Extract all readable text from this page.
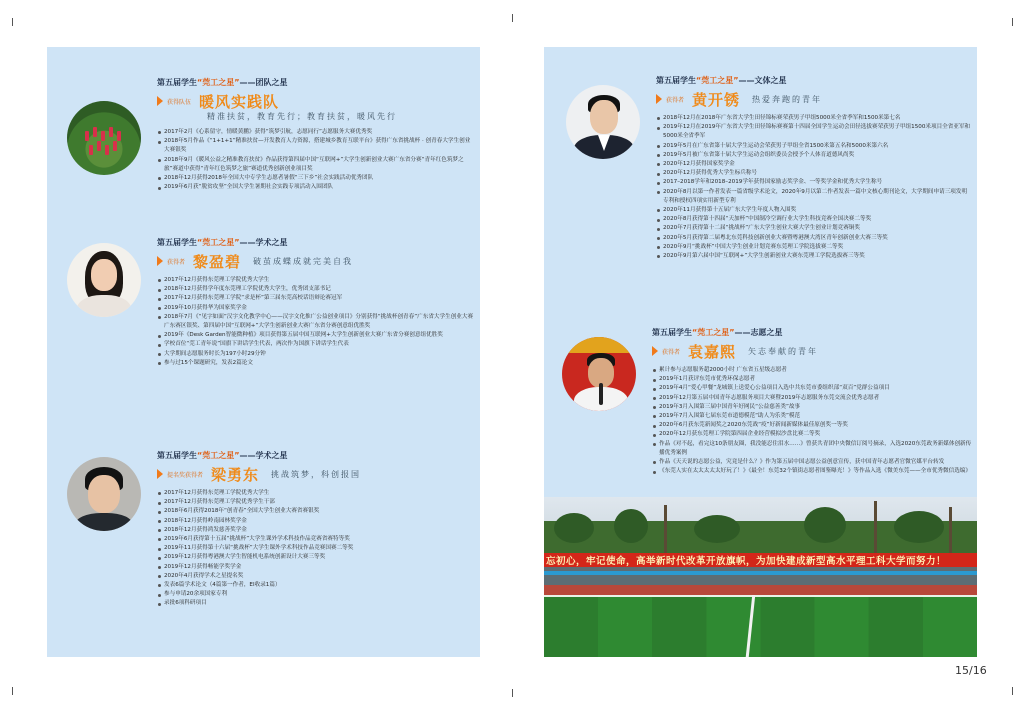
第五届学生“莞工之星”——团队之星
获得队伍 暖风实践队
精准扶贫，教育先行；教育扶贫，暖风先行
2017年2月《心系留守，情暖黄鹏》获得“筑梦引航，志愿同行”志愿服务大赛优秀奖
2018年5月作品《“1+1+1”精准扶贫—开发教育人力资源，搭建城乡教育互联平台》获得广东省挑战杯 · 创青春大学生创业大赛银奖
2018年9月《暖风公益之精准教育扶贫》作品获得第四届中国“互联网+”大学生创新创业大赛广东省分赛“青年红色筑梦之旅”赛道中获得“青年红色筑梦之旅”赛道优秀创新创业项目奖
2018年12月获得2018年全国大中专学生志愿者暑假“三下乡”社会实践活动优秀团队
2019年6月获“脱贫攻坚”全国大学生暑期社会实践专项活动入围团队
第五届学生“莞工之星”——学术之星
获得者 黎盈碧 破茧成蝶成就完美自我
2017年12月获得东莞理工学院优秀大学生
2018年12月获得学年度东莞理工学院优秀大学生，优秀团支部书记
2017年12月获得东莞理工学院“求是杯”第三届东莞高校话语辩论赛冠军
2019年10月获得华为国家奖学金
2018年7月《“见字如面”汉字文化教学中心——汉字文化推广公益创业项目》分别获得“挑战杯创青春”广东省大学生创业大赛广东赛区银奖、第四届中国“互联网+”大学生创新创业大赛广东省分赛创意组优胜奖
2019年《Desk Garden智能微种植》项目获得第五届中国互联网+大学生创新创业大赛广东省分赛创意组优胜奖
学校首位“莞工青年说”国旗下讲话学生代表，两次作为国旗下讲话学生代表
大学期间志愿服务时长为197小时29分钟
参与过15个课题研究，发表2篇论文
第五届学生“莞工之星”——学术之星
提名奖获得者 梁勇东 挑战筑梦，科创报国
2017年12月获得东莞理工学院优秀大学生
2017年12月获得东莞理工学院优秀学生干部
2018年6月获得2018年“创青春”全国大学生创业大赛省赛银奖
2018年12月获得岭南园林奖学金
2018年12月获得鸿发慈善奖学金
2019年6月获得第十五届“挑战杯”大学生课外学术科技作品竞赛省赛特等奖
2019年11月获得第十六届“挑战杯”大学生课外学术科技作品竞赛国赛二等奖
2019年12月获得粤港澳大学生智能机电系统创新设计大赛三等奖
2019年12月获得畅能学奖学金
2020年4月获得学术之星提名奖
发表6篇学术论文（4篇第一作者，EI收录1篇）
参与申请20余项国家专利
录批6项科研项目
第五届学生“莞工之星”——文体之星
获得者 黄开锈 热爱奔跑的青年
2018年12月在2018年广东省大学生田径锦标赛荣获男子甲组5000米全省季军和1500米第七名
2019年12月在2019年广东省大学生田径锦标赛赛第十四届全国学生运动会田径选拔赛荣获男子甲组1500米项目全省亚军和5000米全省季军
2019年5月在广东省第十届大学生运动会荣获男子甲组全省1500米第五名和5000米第六名
2019年5月被广东省第十届大学生运动会组织委员会授予个人体育道德风尚奖
2020年12月获得国家奖学金
2020年12月获得优秀大学生标兵称号
2017–2018学年和2018–2019学年获得国家励志奖学金、一等奖学金和优秀大学生称号
2020年8月以第一作者发表一篇省级学术论文，2020年9月以第二作者发表一篇中文核心期刊论文，大学期间申请三项发明专利和授权四项实用新型专利
2020年11月获得第十五届广东大学生年度人物入围奖
2020年8月获得第十四届“天加杯”中国制冷空调行业大学生科技竞赛全国决赛二等奖
2020年7月获得第十二届“挑战杯”广东大学生创业大赛大学生创业计划竞赛铜奖
2020年5月获得第二届粤北东莞科技创新创业大赛暨粤港澳大湾区青年创新创业大赛三等奖
2020年9月“挑战杯”中国大学生创业计划竞赛东莞理工学院选拔赛二等奖
2020年9月第六届中国“互联网+”大学生创新创业大赛东莞理工学院选拔赛三等奖
第五届学生“莞工之星”——志愿之星
获得者 袁嘉熙 矢志奉献的青年
累计参与志愿服务超2000小时 广东省五星级志愿者
2019年1月获评东莞市优秀环保志愿者
2019年4月“爱心甲餐”龙城镇上送爱心公益项目入选中共东莞市委组织部“双百”党群公益项目
2019年12月第五届中国青年志愿服务项目大赛暨2019年志愿服务东莞交流会优秀志愿者
2019年3月入围第三届中国青年好网民“公益慈善类”故事
2019年7月入围第七届东莞市道德模范“助人为乐类”模范
2020年6月获东莞新闻奖之2020东莞战“疫”好新闻新媒体最佳原创奖一等奖
2020年12月获东莞理工学院第四届企业经营模拟沙盘比赛二等奖
作品《对不起，看完这10条朋友圈，我没能忍住泪水……》曾获共青团中央微信订阅号摘录，入选2020东莞政务新媒体创新传播优秀案例
作品《天天说的志愿公益，究竟是什么？》作为第五届中国志愿公益创意宣传，获中国青年志愿者官微官媒平台转发
《东莞人实在太太太太太好玩了！》《最全！东莞32个镇街志愿者图鉴曝光！》等作品入选《微美东莞——全市优秀微信选编》
忘初心，牢记使命，高举新时代改革开放旗帜，为加快建成新型高水平理工科大学而努力！
15/16
